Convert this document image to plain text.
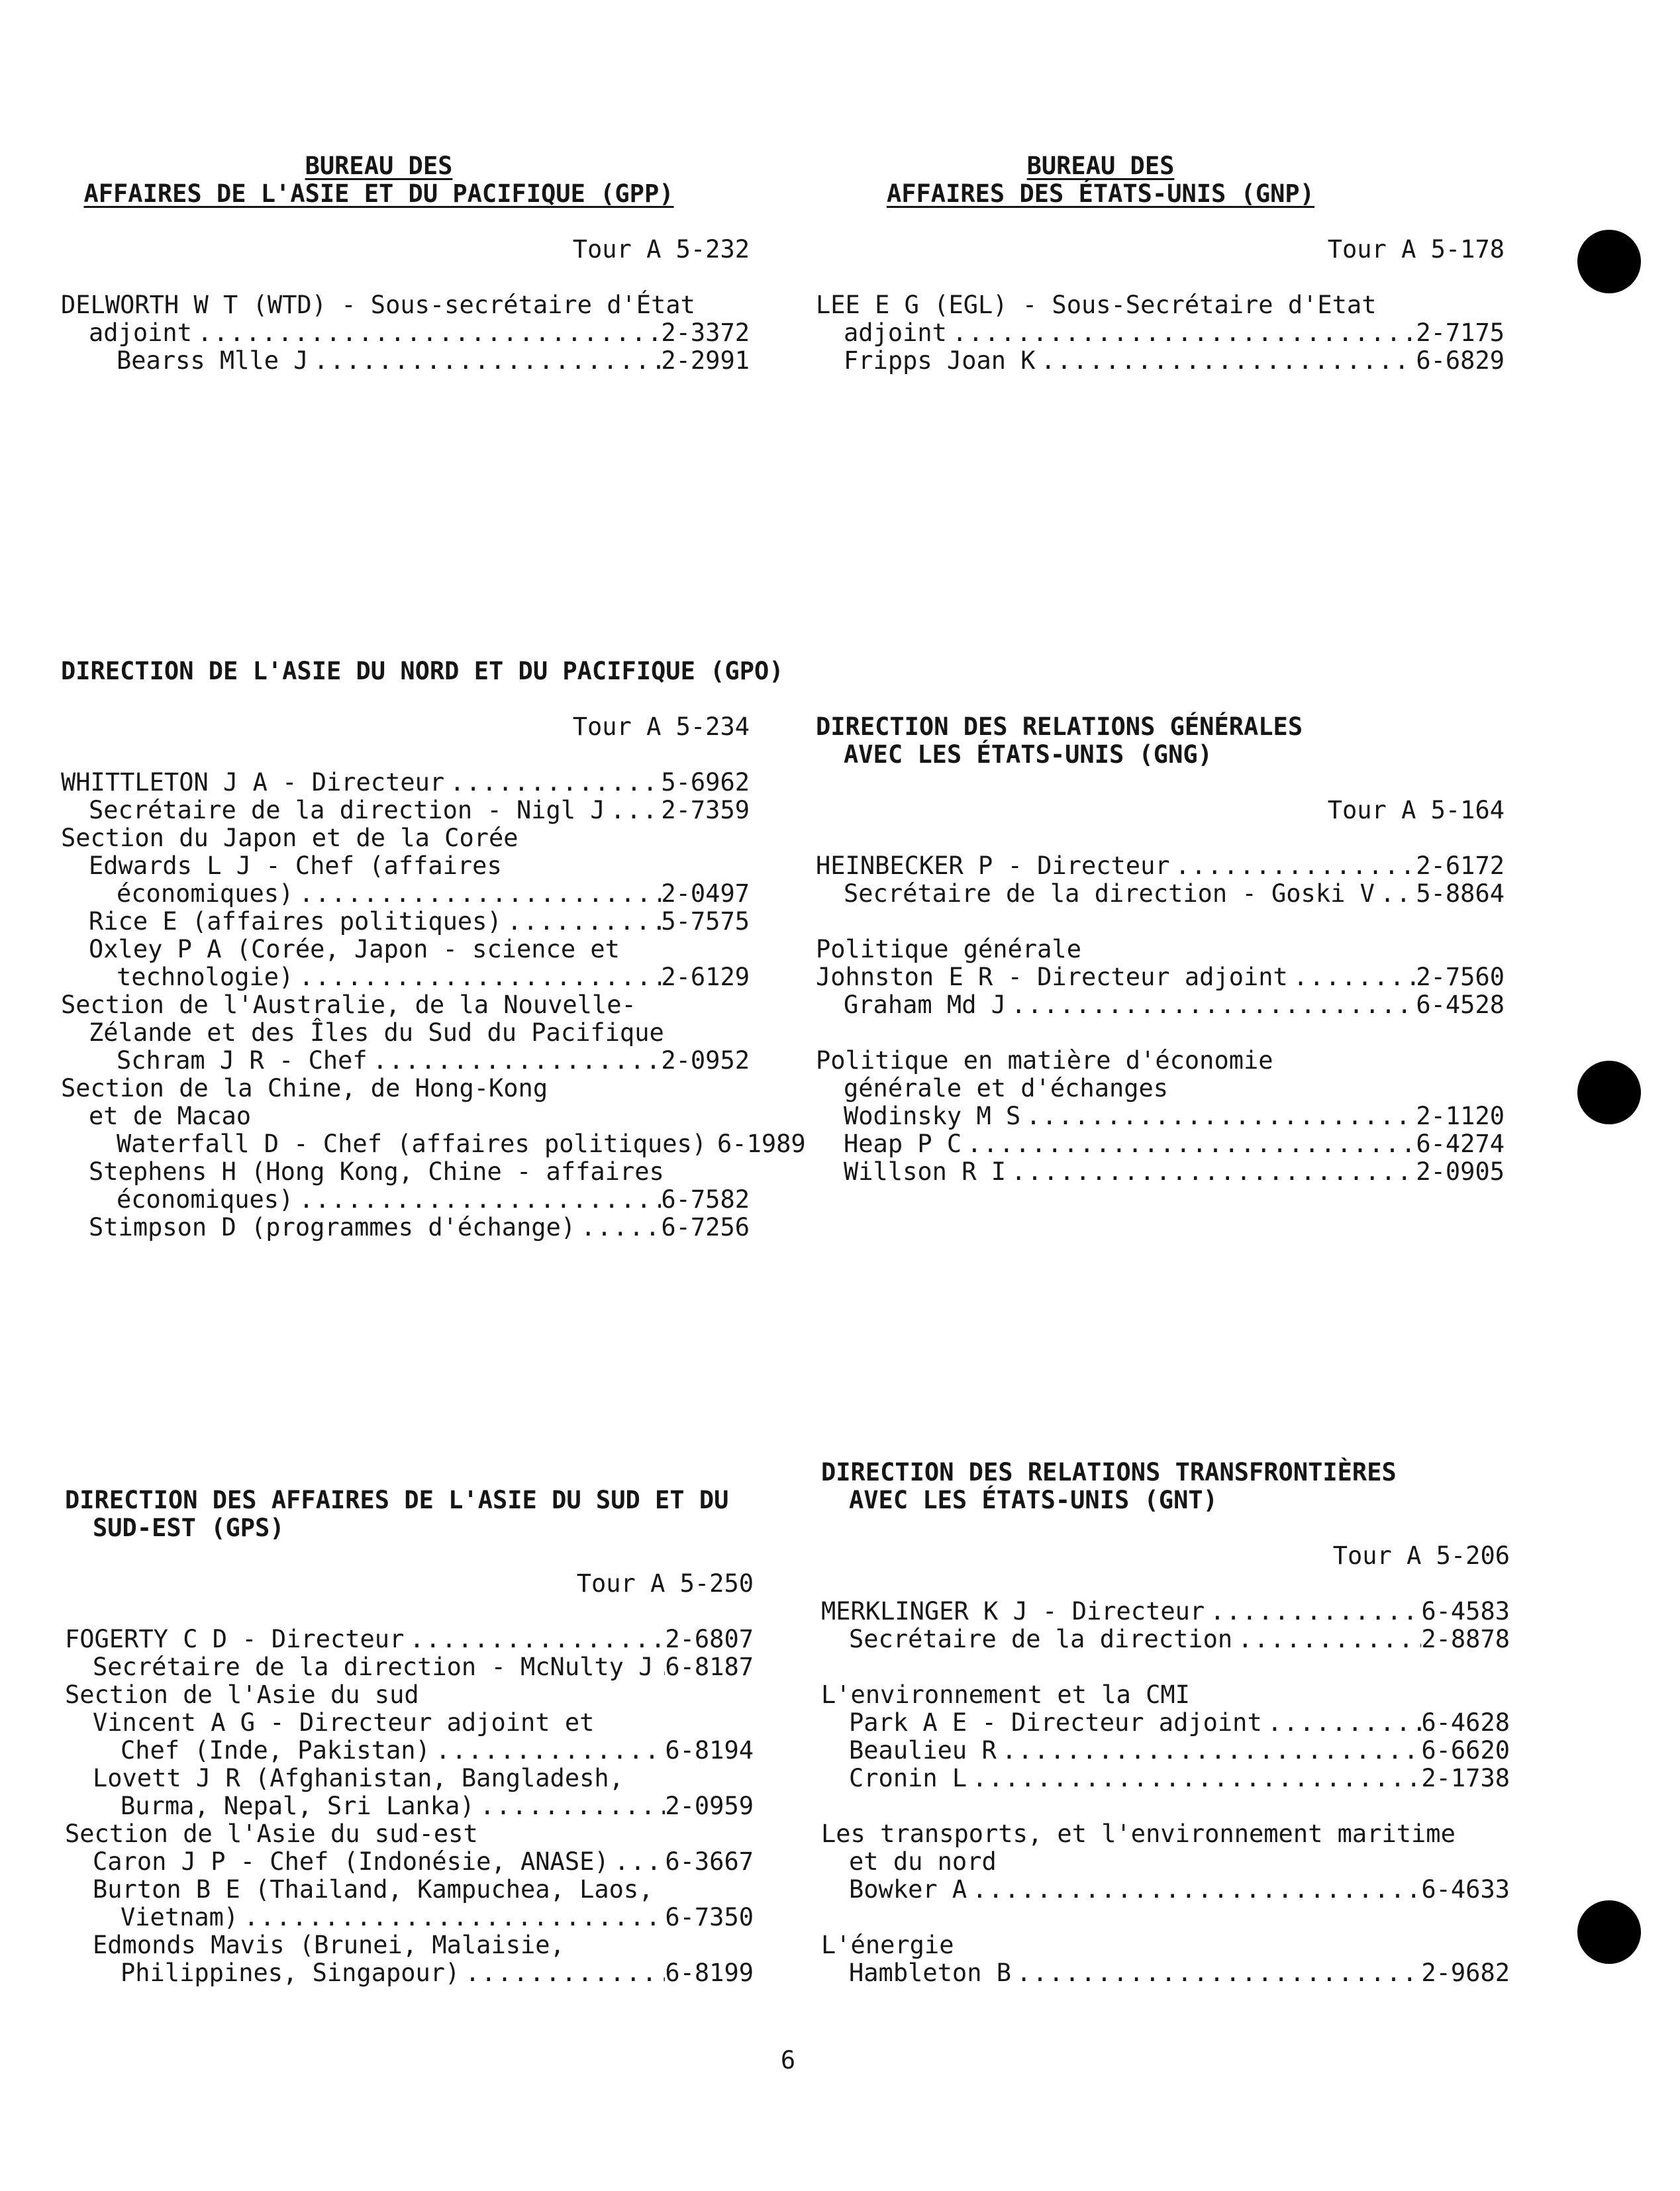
BUREAU DES
AFFAIRES DE L'ASIE ET DU PACIFIQUE (GPP)
Tour A 5-232
DELWORTH W T (WTD) - Sous-secrétaire d'État
adjoint .....	2-3372
Bearss Mlle J .....	2-2991
DIRECTION DE L'ASIE DU NORD ET DU PACIFIQUE (GPO)
Tour A 5-234
WHITTLETON J A - Directeur .....	5-6962
Secrétaire de la direction - Nigl J ..... 2-7359
Section du Japon et de la Corée
Edwards L J - Chef (affaires
économiques) .....	2-0497
Rice E (affaires politiques) .....	5-7575
Oxley P A (Corée, Japon - science et
technologie) .....	2-6129
Section de l'Australie, de la Nouvelle-
Zélande et des Îles du Sud du Pacifique
Schram J R - Chef .....	2-0952
Section de la Chine, de Hong-Kong
et de Macao
Waterfall D - Chef (affaires politiques) ..... 6-1989
Stephens H (Hong Kong, Chine - affaires
économiques) .....	6-7582
Stimpson D (programmes d'échange) .....	6-7256
DIRECTION DES AFFAIRES DE L'ASIE DU SUD ET DU
SUD-EST (GPS)
Tour A 5-250
FOGERTY C D - Directeur .....	2-6807
Secrétaire de la direction - McNulty J ..... 6-8187
Section de l'Asie du sud
Vincent A G - Directeur adjoint et
Chef (Inde, Pakistan) .....	6-8194
Lovett J R (Afghanistan, Bangladesh,
Burma, Nepal, Sri Lanka) .....	2-0959
Section de l'Asie du sud-est
Caron J P - Chef (Indonésie, ANASE) ..... 6-3667
Burton B E (Thailand, Kampuchea, Laos,
Vietnam) .....	6-7350
Edmonds Mavis (Brunei, Malaisie,
Philippines, Singapour) .....	6-8199
BUREAU DES
AFFAIRES DES ÉTATS-UNIS (GNP)
Tour A 5-178
LEE E G (EGL) - Sous-Secrétaire d'Etat
adjoint .....	2-7175
Fripps Joan K .....	6-6829
DIRECTION DES RELATIONS GÉNÉRALES
AVEC LES ÉTATS-UNIS (GNG)
Tour A 5-164
HEINBECKER P - Directeur .....	2-6172
Secrétaire de la direction - Goski V ..... 5-8864
Politique générale
Johnston E R - Directeur adjoint .....	2-7560
Graham Md J .....	6-4528
Politique en matière d'économie
générale et d'échanges
Wodinsky M S .....	2-1120
Heap P C .....	6-4274
Willson R I .....	2-0905
DIRECTION DES RELATIONS TRANSFRONTIÈRES
AVEC LES ÉTATS-UNIS (GNT)
Tour A 5-206
MERKLINGER K J - Directeur .....	6-4583
Secrétaire de la direction .....	2-8878
L'environnement et la CMI
Park A E - Directeur adjoint .....	6-4628
Beaulieu R .....	6-6620
Cronin L .....	2-1738
Les transports, et l'environnement maritime
et du nord
Bowker A .....	6-4633
L'énergie
Hambleton B .....	2-9682
6
